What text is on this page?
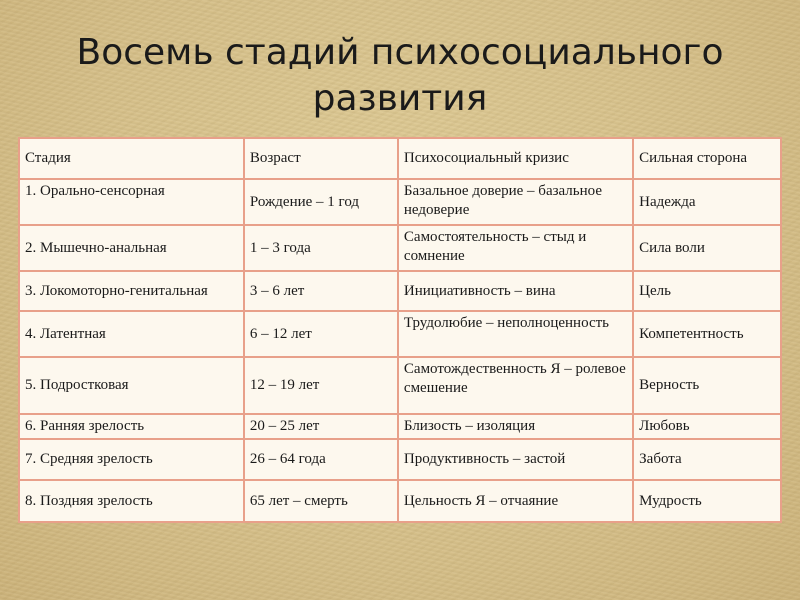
Восемь стадий психосоциального
развития
Стадия	Возраст	Психосоциальный кризис	Сильная сторона
1. Орально-сенсорная	Рождение – 1 год	Базальное доверие – базальное недоверие	Надежда
2. Мышечно-анальная	1 – 3 года	Самостоятельность – стыд и сомнение	Сила воли
3. Локомоторно-генитальная	3 – 6 лет	Инициативность – вина	Цель
4. Латентная	6 – 12 лет	Трудолюбие – неполноценность	Компетентность
5. Подростковая	12 – 19 лет	Самотождественность Я – ролевое смешение	Верность
6. Ранняя зрелость	20 – 25 лет	Близость – изоляция	Любовь
7. Средняя зрелость	26 – 64 года	Продуктивность – застой	Забота
8. Поздняя зрелость	65 лет – смерть	Цельность Я – отчаяние	Мудрость
